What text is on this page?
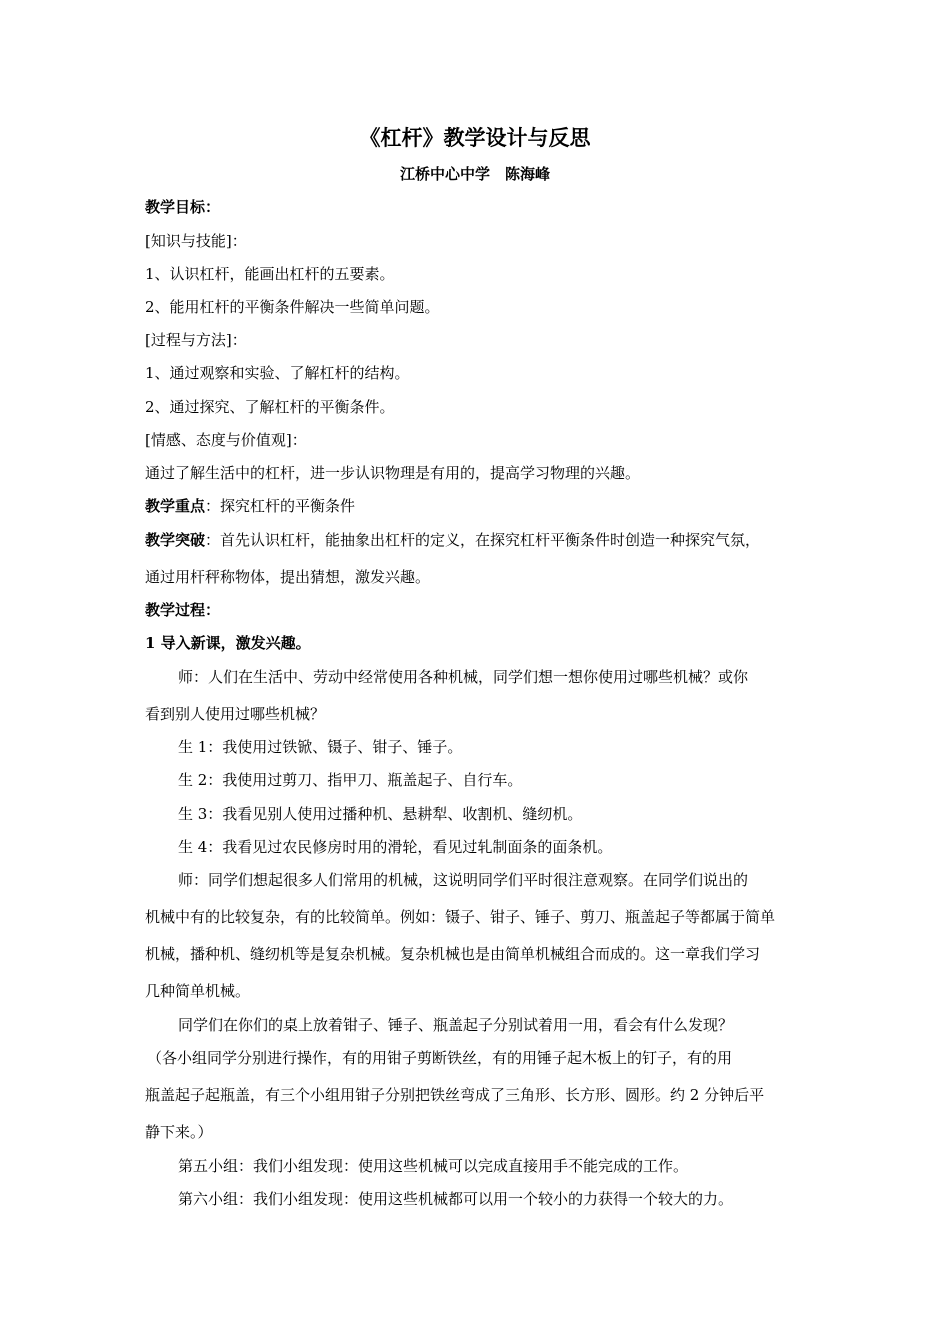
《杠杆》教学设计与反思
江桥中心中学　陈海峰
教学目标：
[知识与技能]：
1、认识杠杆，能画出杠杆的五要素。
2、能用杠杆的平衡条件解决一些简单问题。
[过程与方法]：
1、通过观察和实验、了解杠杆的结构。
2、通过探究、了解杠杆的平衡条件。
[情感、态度与价值观]：
通过了解生活中的杠杆，进一步认识物理是有用的，提高学习物理的兴趣。
教学重点：探究杠杆的平衡条件
教学突破：首先认识杠杆，能抽象出杠杆的定义，在探究杠杆平衡条件时创造一种探究气氛，
通过用杆秤称物体，提出猜想，激发兴趣。
教学过程：
1 导入新课，激发兴趣。
师：人们在生活中、劳动中经常使用各种机械，同学们想一想你使用过哪些机械？或你
看到别人使用过哪些机械？
生 1：我使用过铁锨、镊子、钳子、锤子。
生 2：我使用过剪刀、指甲刀、瓶盖起子、自行车。
生 3：我看见别人使用过播种机、悬耕犁、收割机、缝纫机。
生 4：我看见过农民修房时用的滑轮，看见过轧制面条的面条机。
师：同学们想起很多人们常用的机械，这说明同学们平时很注意观察。在同学们说出的
机械中有的比较复杂，有的比较简单。例如：镊子、钳子、锤子、剪刀、瓶盖起子等都属于简单
机械，播种机、缝纫机等是复杂机械。复杂机械也是由简单机械组合而成的。这一章我们学习
几种简单机械。
同学们在你们的桌上放着钳子、锤子、瓶盖起子分别试着用一用，看会有什么发现？
（各小组同学分别进行操作，有的用钳子剪断铁丝，有的用锤子起木板上的钉子，有的用
瓶盖起子起瓶盖，有三个小组用钳子分别把铁丝弯成了三角形、长方形、圆形。约 2 分钟后平
静下来。）
第五小组：我们小组发现：使用这些机械可以完成直接用手不能完成的工作。
第六小组：我们小组发现：使用这些机械都可以用一个较小的力获得一个较大的力。
